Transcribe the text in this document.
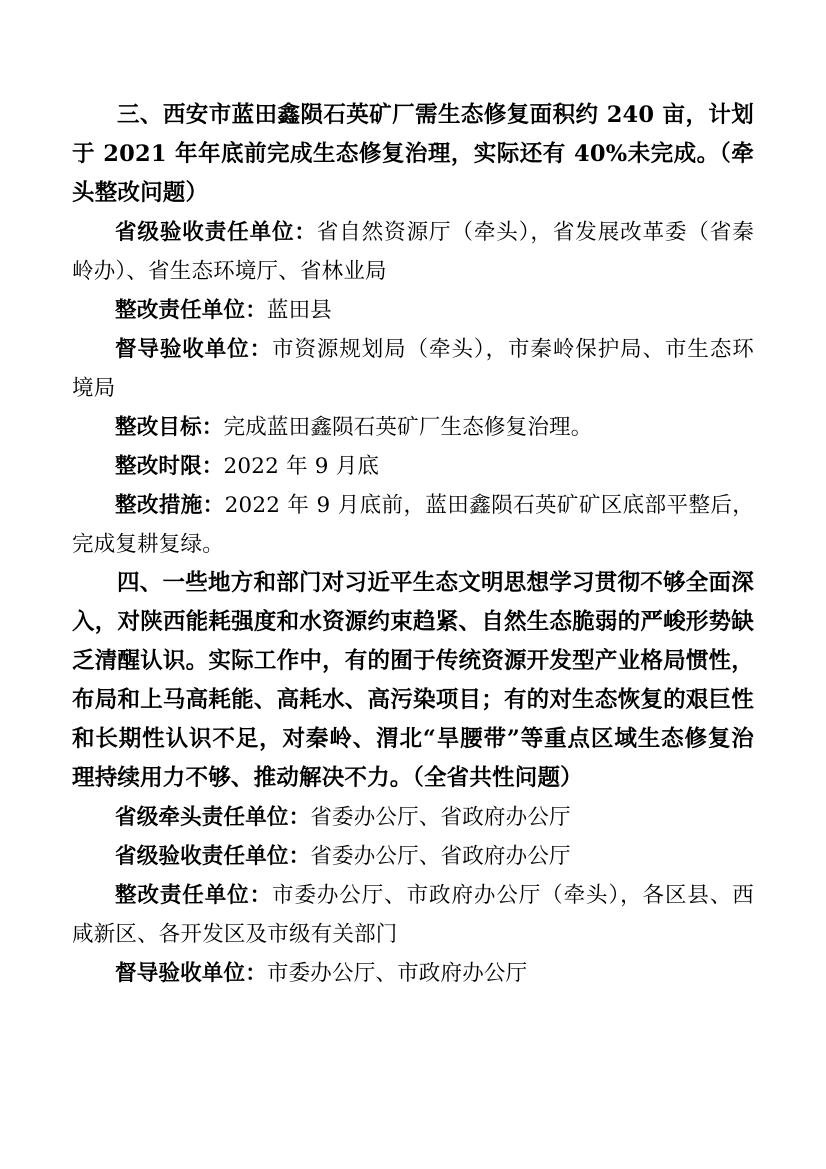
三、西安市蓝田鑫陨石英矿厂需生态修复面积约 240 亩，计划于 2021 年年底前完成生态修复治理，实际还有 40%未完成。（牵头整改问题）

省级验收责任单位：省自然资源厅（牵头），省发展改革委（省秦岭办）、省生态环境厅、省林业局

整改责任单位：蓝田县

督导验收单位：市资源规划局（牵头），市秦岭保护局、市生态环境局

整改目标：完成蓝田鑫陨石英矿厂生态修复治理。

整改时限：2022 年 9 月底

整改措施：2022 年 9 月底前，蓝田鑫陨石英矿矿区底部平整后，完成复耕复绿。

四、一些地方和部门对习近平生态文明思想学习贯彻不够全面深入，对陕西能耗强度和水资源约束趋紧、自然生态脆弱的严峻形势缺乏清醒认识。实际工作中，有的囿于传统资源开发型产业格局惯性，布局和上马高耗能、高耗水、高污染项目；有的对生态恢复的艰巨性和长期性认识不足，对秦岭、渭北“旱腰带”等重点区域生态修复治理持续用力不够、推动解决不力。（全省共性问题）

省级牵头责任单位：省委办公厅、省政府办公厅

省级验收责任单位：省委办公厅、省政府办公厅

整改责任单位：市委办公厅、市政府办公厅（牵头），各区县、西咸新区、各开发区及市级有关部门

督导验收单位：市委办公厅、市政府办公厅
